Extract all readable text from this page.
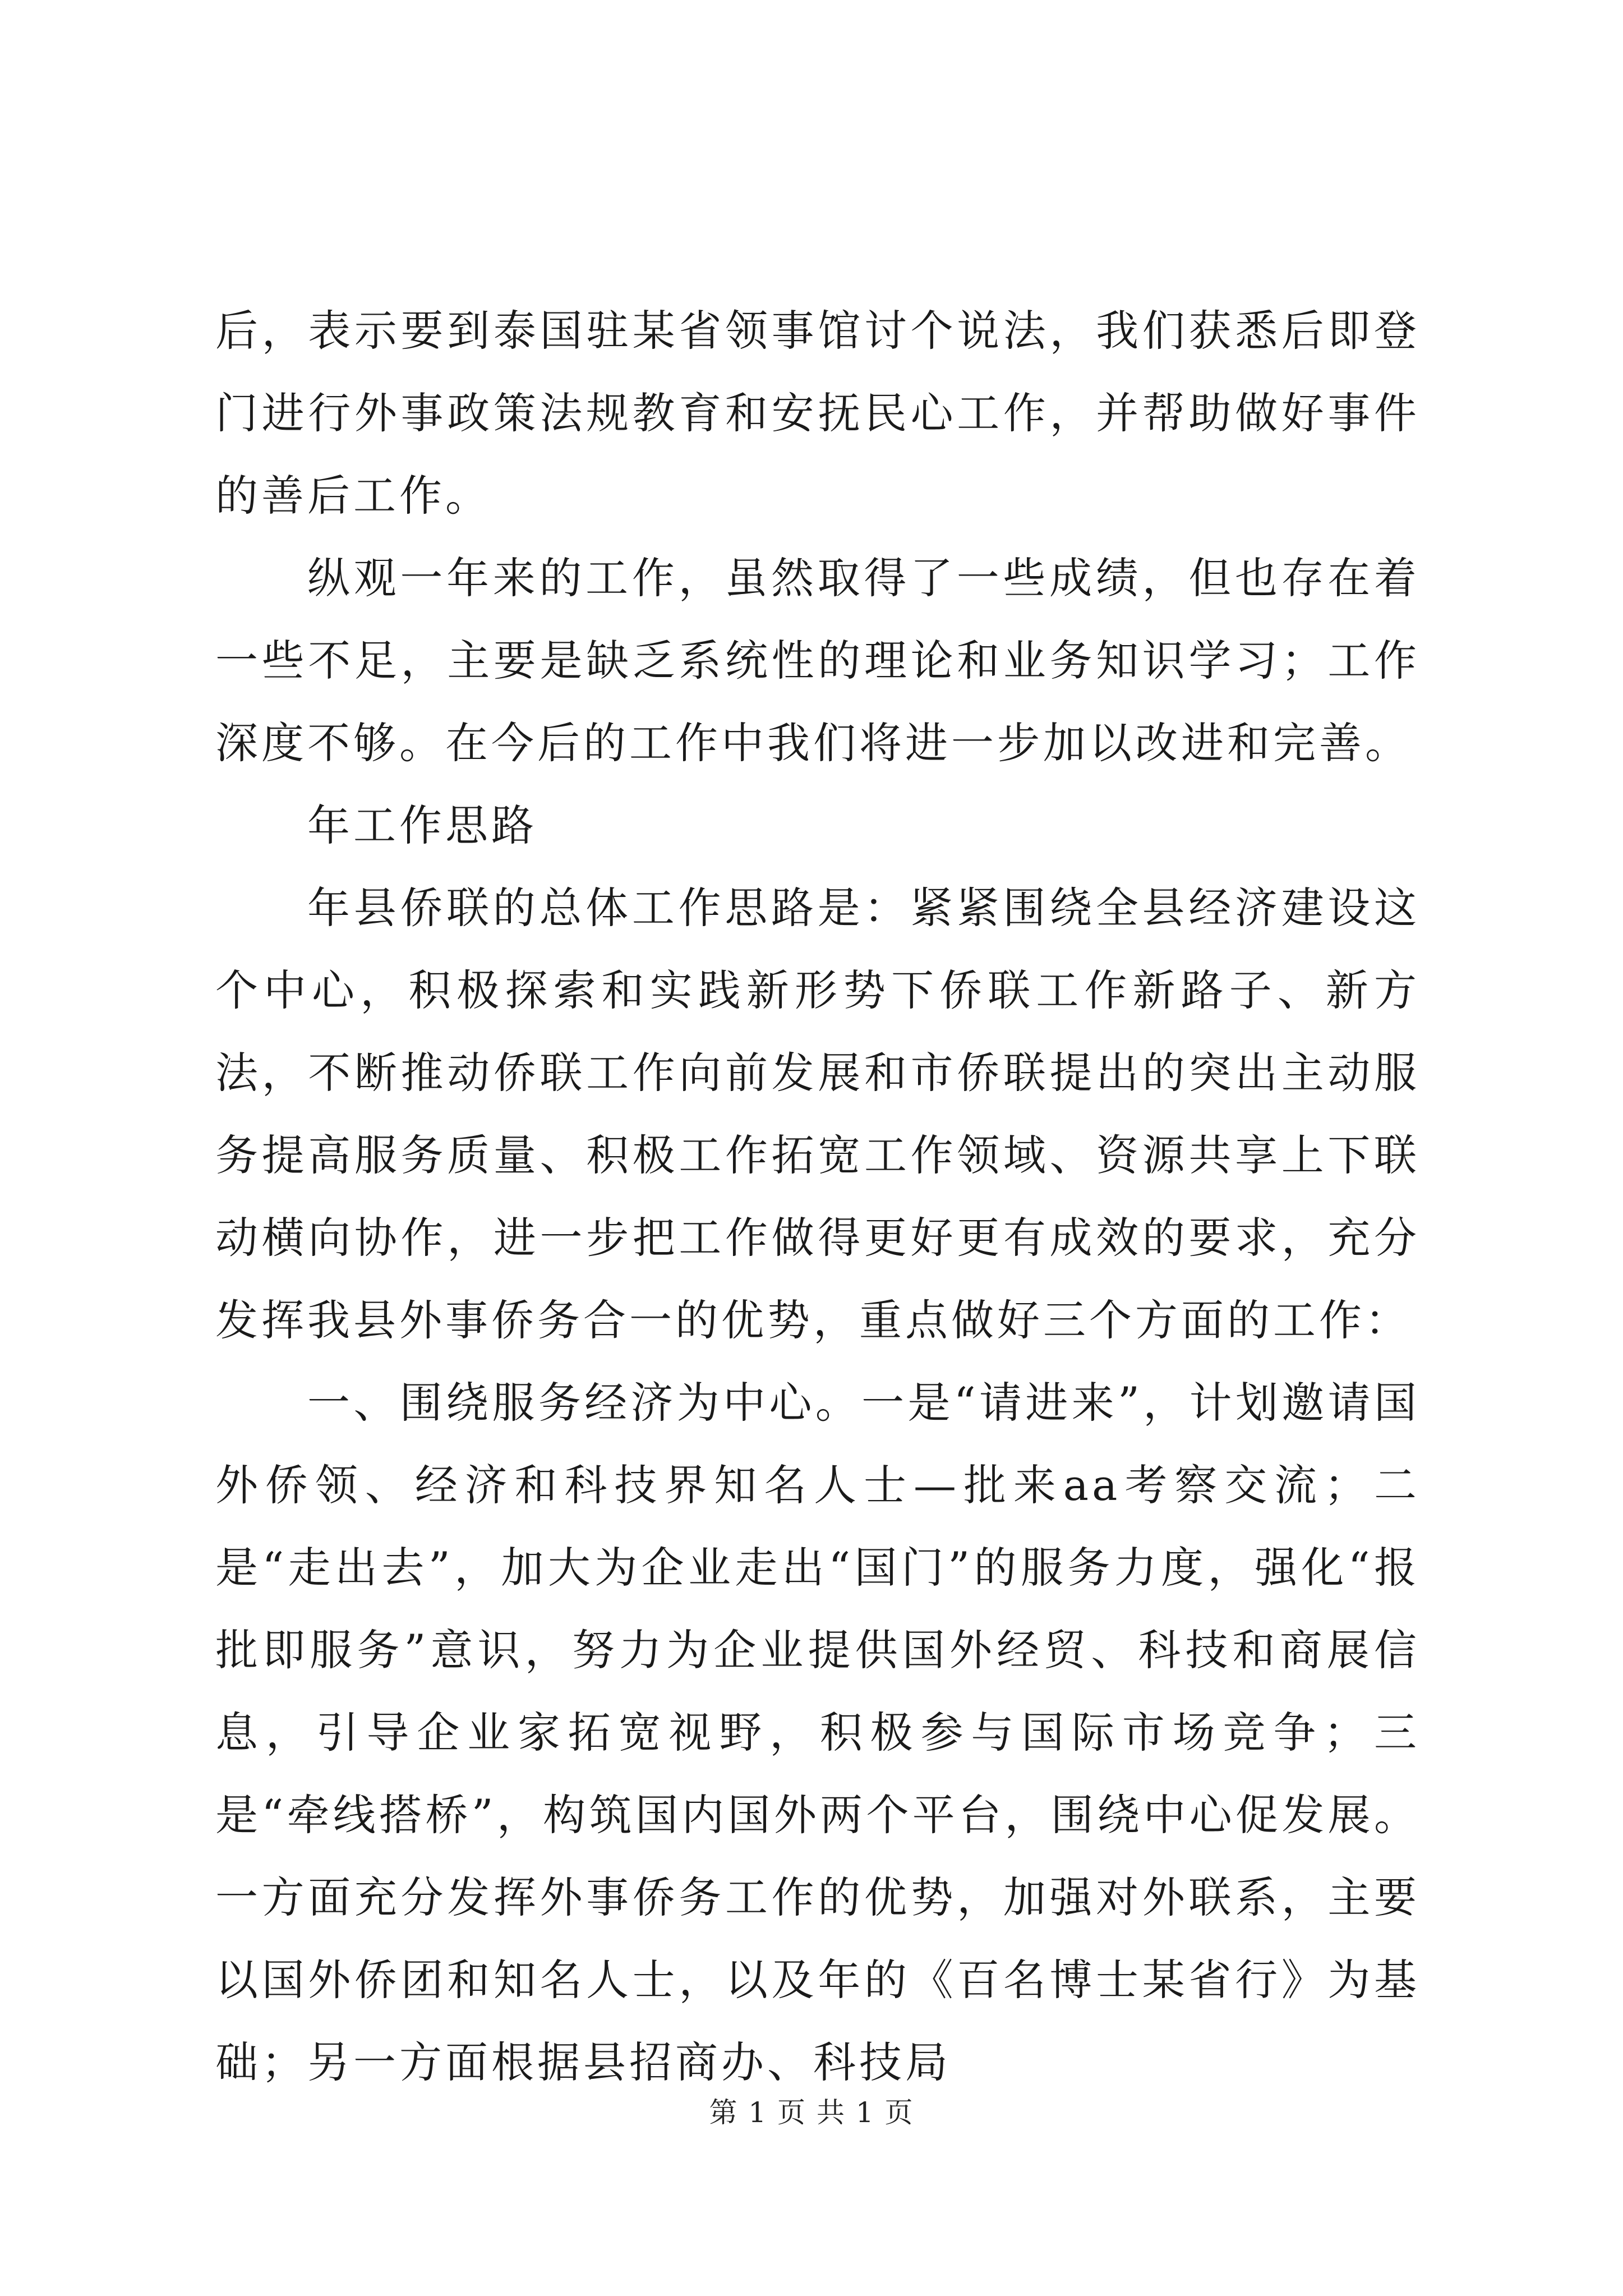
后，表示要到泰国驻某省领事馆讨个说法，我们获悉后即登门进行外事政策法规教育和安抚民心工作，并帮助做好事件的善后工作。

纵观一年来的工作，虽然取得了一些成绩，但也存在着一些不足，主要是缺乏系统性的理论和业务知识学习；工作深度不够。在今后的工作中我们将进一步加以改进和完善。

年工作思路

年县侨联的总体工作思路是：紧紧围绕全县经济建设这个中心，积极探索和实践新形势下侨联工作新路子、新方法，不断推动侨联工作向前发展和市侨联提出的突出主动服务提高服务质量、积极工作拓宽工作领域、资源共享上下联动横向协作，进一步把工作做得更好更有成效的要求，充分发挥我县外事侨务合一的优势，重点做好三个方面的工作：

一、围绕服务经济为中心。一是“请进来”，计划邀请国外侨领、经济和科技界知名人士—批来aa考察交流；二是“走出去”，加大为企业走出“国门”的服务力度，强化“报批即服务”意识，努力为企业提供国外经贸、科技和商展信息，引导企业家拓宽视野，积极参与国际市场竞争；三是“牵线搭桥”，构筑国内国外两个平台，围绕中心促发展。一方面充分发挥外事侨务工作的优势，加强对外联系，主要以国外侨团和知名人士，以及年的《百名博士某省行》为基础；另一方面根据县招商办、科技局

第 1 页 共 1 页
